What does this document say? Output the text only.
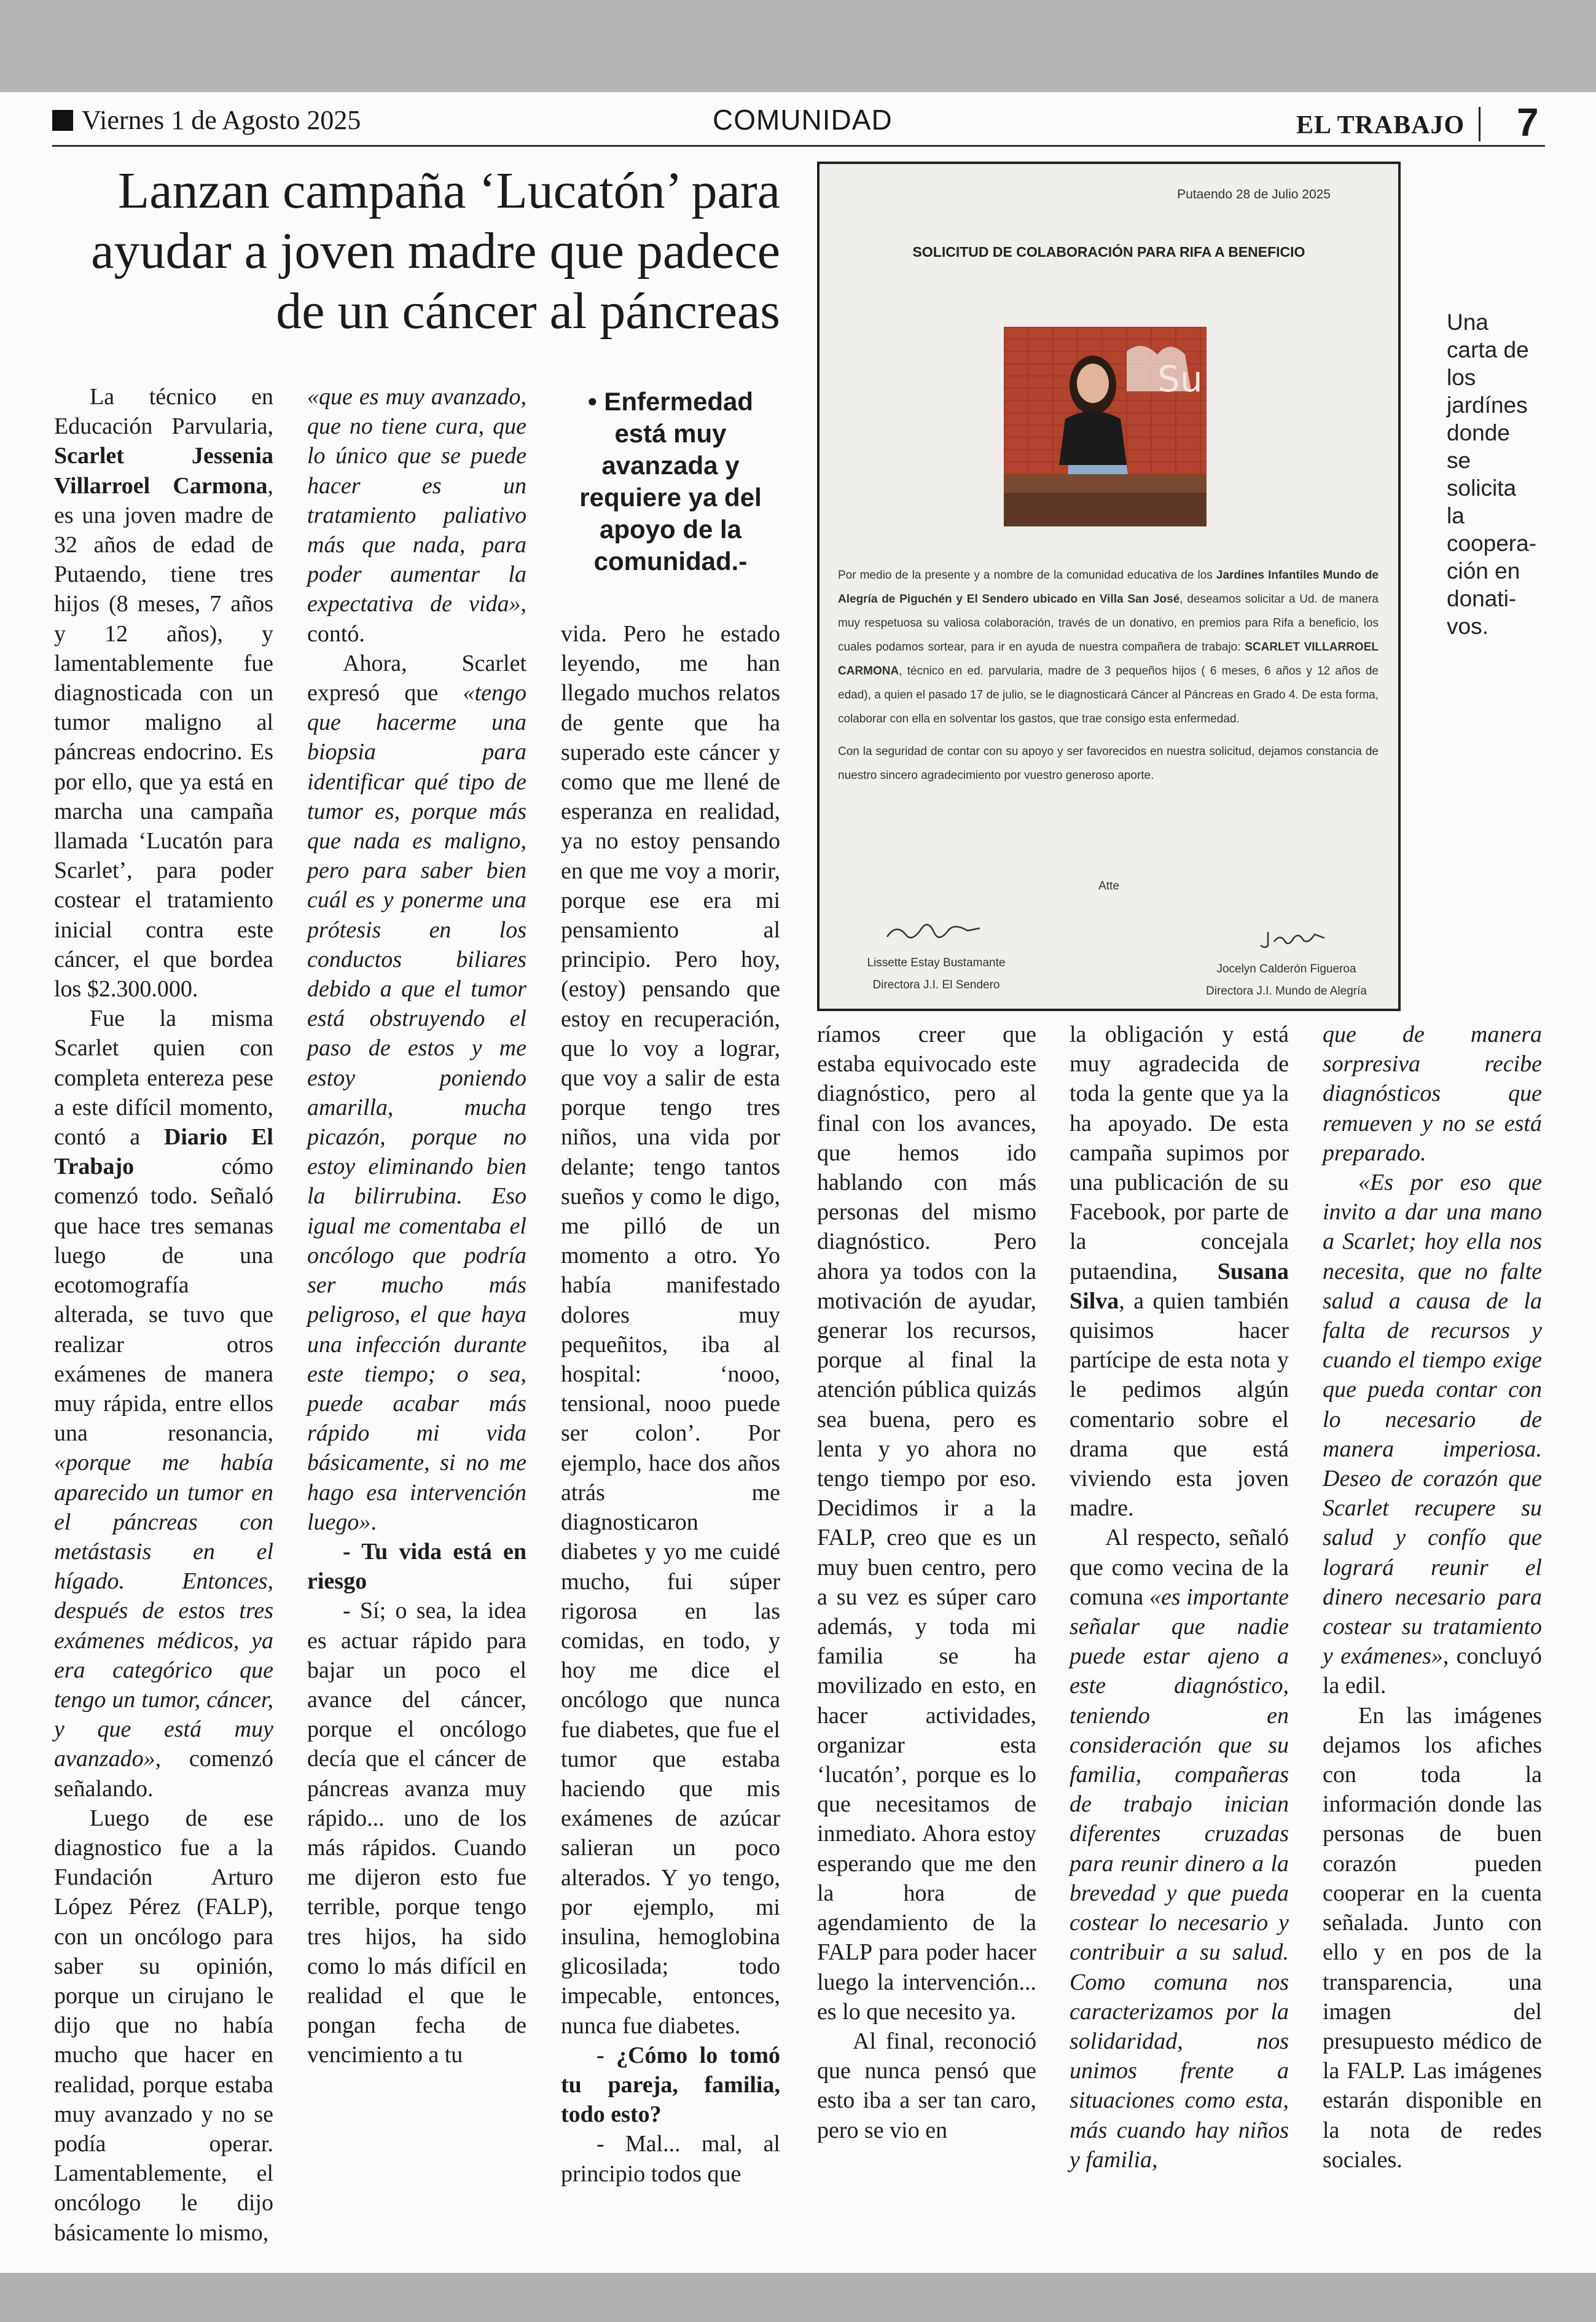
Viernes 1 de Agosto 2025	COMUNIDAD	EL TRABAJO 7
Lanzan campaña ‘Lucatón’ para
ayudar a joven madre que padece
de un cáncer al páncreas

La técnico en Educación Parvularia, Scarlet Jessenia Villarroel Carmona, es una joven madre de 32 años de edad de Putaendo, tiene tres hijos (8 meses, 7 años y 12 años), y lamentablemente fue diagnosticada con un tumor maligno al páncreas endocrino. Es por ello, que ya está en marcha una campaña llamada ‘Lucatón para Scarlet’, para poder costear el tratamiento inicial contra este cáncer, el que bordea los $2.300.000.

Fue la misma Scarlet quien con completa entereza pese a este difícil momento, contó a Diario El Trabajo cómo comenzó todo. Señaló que hace tres semanas luego de una ecotomografía alterada, se tuvo que realizar otros exámenes de manera muy rápida, entre ellos una resonancia, «porque me había aparecido un tumor en el páncreas con metástasis en el hígado. Entonces, después de estos tres exámenes médicos, ya era categórico que tengo un tumor, cáncer, y que está muy avanzado», comenzó señalando.

Luego de ese diagnostico fue a la Fundación Arturo López Pérez (FALP), con un oncólogo para saber su opinión, porque un cirujano le dijo que no había mucho que hacer en realidad, porque estaba muy avanzado y no se podía operar. Lamentablemente, el oncólogo le dijo básicamente lo mismo,

«que es muy avanzado, que no tiene cura, que lo único que se puede hacer es un tratamiento paliativo más que nada, para poder aumentar la expectativa de vida», contó.

Ahora, Scarlet expresó que «tengo que hacerme una biopsia para identificar qué tipo de tumor es, porque más que nada es maligno, pero para saber bien cuál es y ponerme una prótesis en los conductos biliares debido a que el tumor está obstruyendo el paso de estos y me estoy poniendo amarilla, mucha picazón, porque no estoy eliminando bien la bilirrubina. Eso igual me comentaba el oncólogo que podría ser mucho más peligroso, el que haya una infección durante este tiempo; o sea, puede acabar más rápido mi vida básicamente, si no me hago esa intervención luego».

- Tu vida está en riesgo

- Sí; o sea, la idea es actuar rápido para bajar un poco el avance del cáncer, porque el oncólogo decía que el cáncer de páncreas avanza muy rápido... uno de los más rápidos. Cuando me dijeron esto fue terrible, porque tengo tres hijos, ha sido como lo más difícil en realidad el que le pongan fecha de vencimiento a tu

• Enfermedad está muy avanzada y requiere ya del apoyo de la comunidad.-

vida. Pero he estado leyendo, me han llegado muchos relatos de gente que ha superado este cáncer y como que me llené de esperanza en realidad, ya no estoy pensando en que me voy a morir, porque ese era mi pensamiento al principio. Pero hoy, (estoy) pensando que estoy en recuperación, que lo voy a lograr, que voy a salir de esta porque tengo tres niños, una vida por delante; tengo tantos sueños y como le digo, me pilló de un momento a otro. Yo había manifestado dolores muy pequeñitos, iba al hospital: ‘nooo, tensional, nooo puede ser colon’. Por ejemplo, hace dos años atrás me diagnosticaron diabetes y yo me cuidé mucho, fui súper rigorosa en las comidas, en todo, y hoy me dice el oncólogo que nunca fue diabetes, que fue el tumor que estaba haciendo que mis exámenes de azúcar salieran un poco alterados. Y yo tengo, por ejemplo, mi insulina, hemoglobina glicosilada; todo impecable, entonces, nunca fue diabetes.

- ¿Cómo lo tomó tu pareja, familia, todo esto?

- Mal... mal, al principio todos que

Putaendo 28 de Julio 2025
SOLICITUD DE COLABORACIÓN PARA RIFA A BENEFICIO
Su

Por medio de la presente y a nombre de la comunidad educativa de los Jardines Infantiles Mundo de Alegría de Piguchén y El Sendero ubicado en Villa San José, deseamos solicitar a Ud. de manera muy respetuosa su valiosa colaboración, través de un donativo, en premios para Rifa a beneficio, los cuales podamos sortear, para ir en ayuda de nuestra compañera de trabajo: SCARLET VILLARROEL CARMONA, técnico en ed. parvularia, madre de 3 pequeños hijos ( 6 meses, 6 años y 12 años de edad), a quien el pasado 17 de julio, se le diagnosticará Cáncer al Páncreas en Grado 4. De esta forma, colaborar con ella en solventar los gastos, que trae consigo esta enfermedad.

Con la seguridad de contar con su apoyo y ser favorecidos en nuestra solicitud, dejamos constancia de nuestro sincero agradecimiento por vuestro generoso aporte.

Atte
Lissette Estay Bustamante
Directora J.I. El Sendero
Jocelyn Calderón Figueroa
Directora J.I. Mundo de Alegría
Una carta de los jardínes donde se solicita la coopera-ción en donati-vos.

ríamos creer que estaba equivocado este diagnóstico, pero al final con los avances, que hemos ido hablando con más personas del mismo diagnóstico. Pero ahora ya todos con la motivación de ayudar, generar los recursos, porque al final la atención pública quizás sea buena, pero es lenta y yo ahora no tengo tiempo por eso. Decidimos ir a la FALP, creo que es un muy buen centro, pero a su vez es súper caro además, y toda mi familia se ha movilizado en esto, en hacer actividades, organizar esta ‘lucatón’, porque es lo que necesitamos de inmediato. Ahora estoy esperando que me den la hora de agendamiento de la FALP para poder hacer luego la intervención... es lo que necesito ya.

Al final, reconoció que nunca pensó que esto iba a ser tan caro, pero se vio en

la obligación y está muy agradecida de toda la gente que ya la ha apoyado. De esta campaña supimos por una publicación de su Facebook, por parte de la concejala putaendina, Susana Silva, a quien también quisimos hacer partícipe de esta nota y le pedimos algún comentario sobre el drama que está viviendo esta joven madre.

Al respecto, señaló que como vecina de la comuna «es importante señalar que nadie puede estar ajeno a este diagnóstico, teniendo en consideración que su familia, compañeras de trabajo inician diferentes cruzadas para reunir dinero a la brevedad y que pueda costear lo necesario y contribuir a su salud. Como comuna nos caracterizamos por la solidaridad, nos unimos frente a situaciones como esta, más cuando hay niños y familia,

que de manera sorpresiva recibe diagnósticos que remueven y no se está preparado.

«Es por eso que invito a dar una mano a Scarlet; hoy ella nos necesita, que no falte salud a causa de la falta de recursos y cuando el tiempo exige que pueda contar con lo necesario de manera imperiosa. Deseo de corazón que Scarlet recupere su salud y confío que logrará reunir el dinero necesario para costear su tratamiento y exámenes», concluyó la edil.

En las imágenes dejamos los afiches con toda la información donde las personas de buen corazón pueden cooperar en la cuenta señalada. Junto con ello y en pos de la transparencia, una imagen del presupuesto médico de la FALP. Las imágenes estarán disponible en la nota de redes sociales.
